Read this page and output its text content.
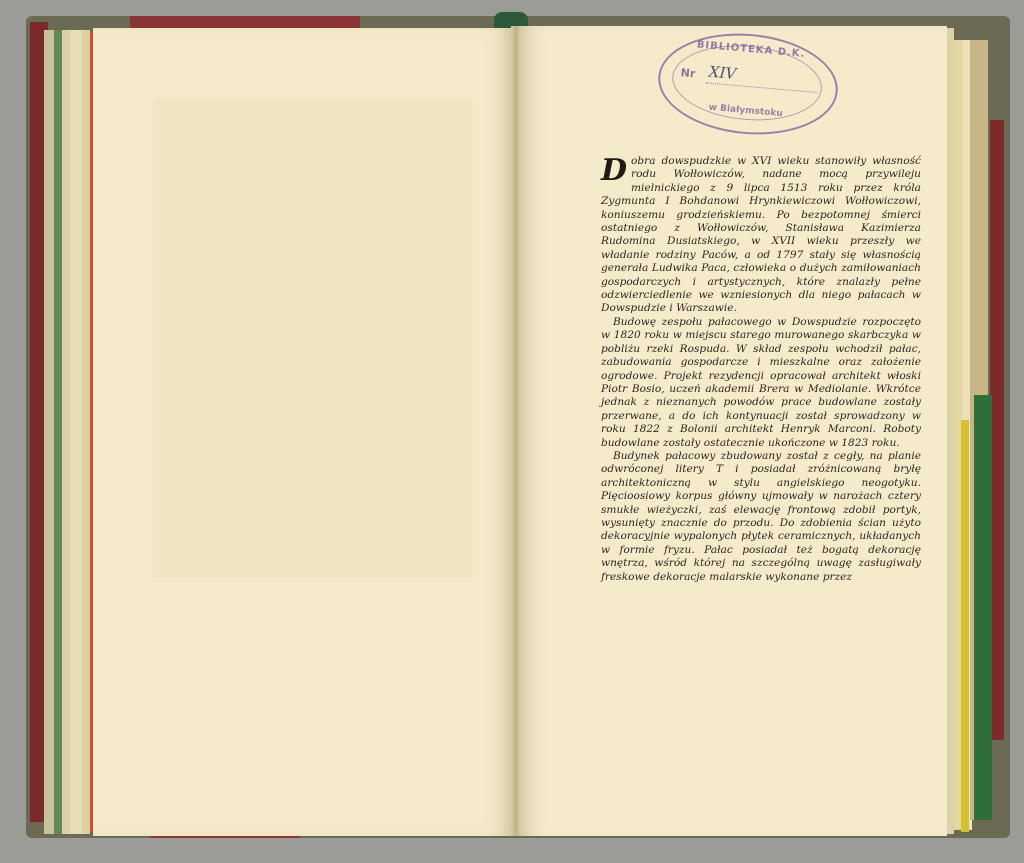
BIBLIOTEKA D.K.
Nr XIV
w Białymstoku

Dobra dowspudzkie w XVI wieku stanowiły własność rodu Wołłowiczów, nadane mocą przywileju mielnickiego z 9 lipca 1513 roku przez króla Zygmunta I Bohdanowi Hrynkiewiczowi Wołłowiczowi, koniuszemu grodzieńskiemu. Po bezpotomnej śmierci ostatniego z Wołłowiczów, Stanisława Kazimierza Rudomina Dusiatskiego, w XVII wieku przeszły we władanie rodziny Paców, a od 1797 stały się własnością generała Ludwika Paca, człowieka o dużych zamiłowaniach gospodarczych i artystycznych, które znalazły pełne odzwierciedlenie we wzniesionych dla niego pałacach w Dowspudzie i Warszawie.

Budowę zespołu pałacowego w Dowspudzie rozpoczęto w 1820 roku w miejscu starego murowanego skarbczyka w pobliżu rzeki Rospuda. W skład zespołu wchodził pałac, zabudowania gospodarcze i mieszkalne oraz założenie ogrodowe. Projekt rezydencji opracował architekt włoski Piotr Bosio, uczeń akademii Brera w Mediolanie. Wkrótce jednak z nieznanych powodów prace budowlane zostały przerwane, a do ich kontynuacji został sprowadzony w roku 1822 z Bolonii architekt Henryk Marconi. Roboty budowlane zostały ostatecznie ukończone w 1823 roku.

Budynek pałacowy zbudowany został z cegły, na planie odwróconej litery T i posiadał zróżnicowaną bryłę architektoniczną w stylu angielskiego neogotyku. Pięcioosiowy korpus główny ujmowały w narożach cztery smukłe wieżyczki, zaś elewację frontową zdobił portyk, wysunięty znacznie do przodu. Do zdobienia ścian użyto dekoracyjnie wypalonych płytek ceramicznych, układanych w formie fryzu. Pałac posiadał też bogatą dekorację wnętrza, wśród której na szczególną uwagę zasługiwały freskowe dekoracje malarskie wykonane przez
